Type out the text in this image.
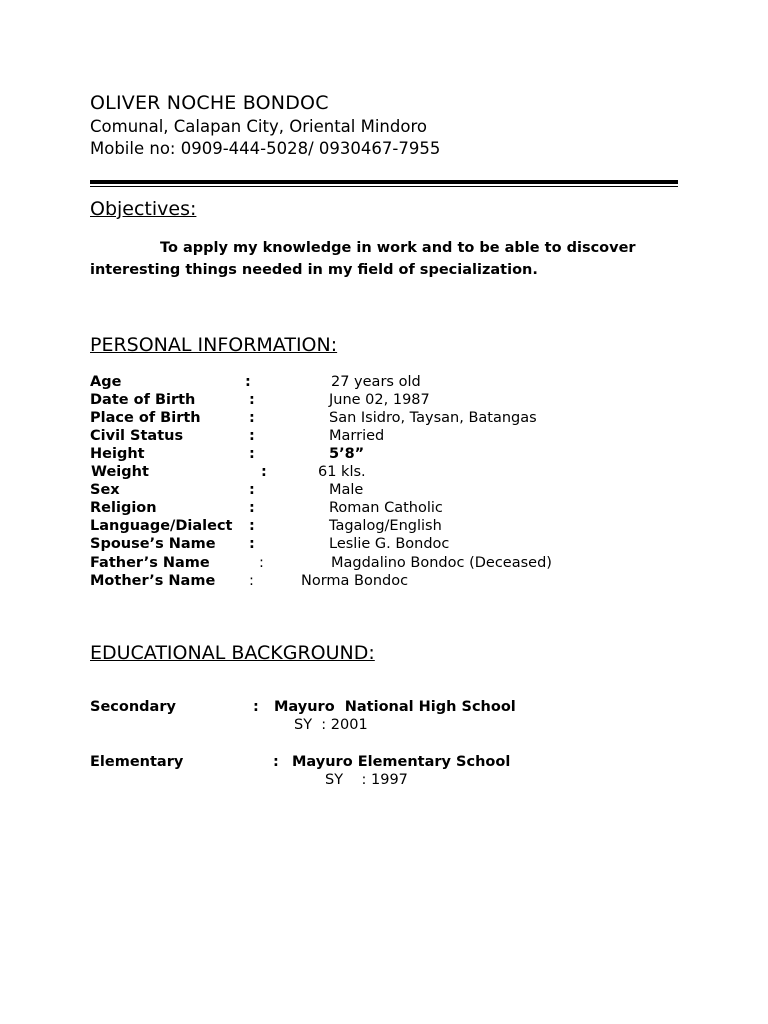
OLIVER NOCHE BONDOC
Comunal, Calapan City, Oriental Mindoro
Mobile no: 0909-444-5028/ 0930467-7955
Objectives:
To apply my knowledge in work and to be able to discover interesting things needed in my field of specialization.
PERSONAL INFORMATION:
Age	:	27 years old
Date of Birth	:	June 02, 1987
Place of Birth	:	San Isidro, Taysan, Batangas
Civil Status	:	Married
Height	:	5’8”
Weight	:	61 kls.
Sex	:	Male
Religion	:	Roman Catholic
Language/Dialect :	Tagalog/English
Spouse’s Name :	Leslie G. Bondoc
Father’s Name	:	Magdalino Bondoc (Deceased)
Mother’s Name :	Norma Bondoc
EDUCATIONAL BACKGROUND:
Secondary	: Mayuro  National High School
SY  : 2001
Elementary	: Mayuro Elementary School
SY    : 1997
